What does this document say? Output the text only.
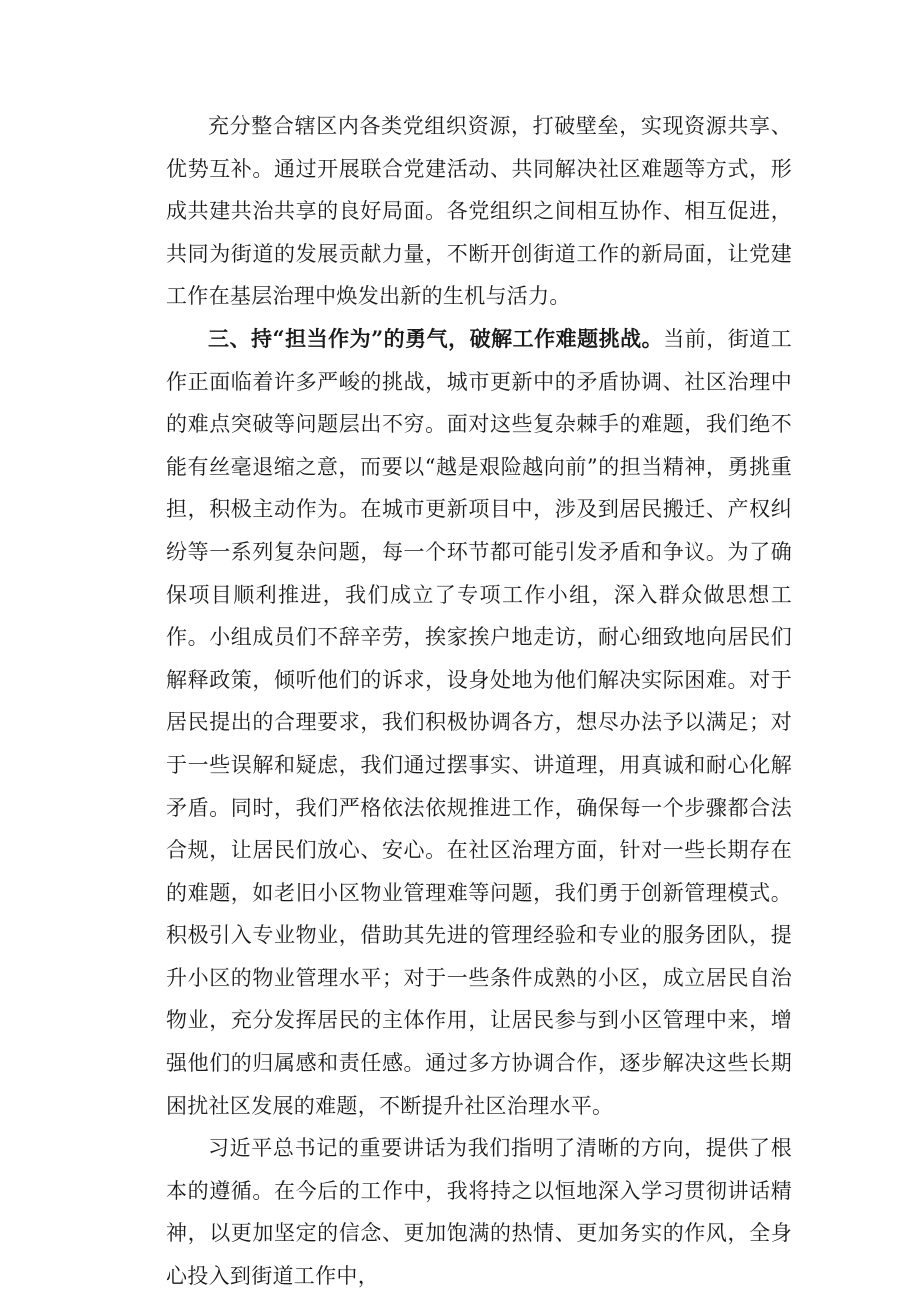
充分整合辖区内各类党组织资源，打破壁垒，实现资源共享、优势互补。通过开展联合党建活动、共同解决社区难题等方式，形成共建共治共享的良好局面。各党组织之间相互协作、相互促进，共同为街道的发展贡献力量，不断开创街道工作的新局面，让党建工作在基层治理中焕发出新的生机与活力。

三、持“担当作为”的勇气，破解工作难题挑战。当前，街道工作正面临着许多严峻的挑战，城市更新中的矛盾协调、社区治理中的难点突破等问题层出不穷。面对这些复杂棘手的难题，我们绝不能有丝毫退缩之意，而要以“越是艰险越向前”的担当精神，勇挑重担，积极主动作为。在城市更新项目中，涉及到居民搬迁、产权纠纷等一系列复杂问题，每一个环节都可能引发矛盾和争议。为了确保项目顺利推进，我们成立了专项工作小组，深入群众做思想工作。小组成员们不辞辛劳，挨家挨户地走访，耐心细致地向居民们解释政策，倾听他们的诉求，设身处地为他们解决实际困难。对于居民提出的合理要求，我们积极协调各方，想尽办法予以满足；对于一些误解和疑虑，我们通过摆事实、讲道理，用真诚和耐心化解矛盾。同时，我们严格依法依规推进工作，确保每一个步骤都合法合规，让居民们放心、安心。在社区治理方面，针对一些长期存在的难题，如老旧小区物业管理难等问题，我们勇于创新管理模式。积极引入专业物业，借助其先进的管理经验和专业的服务团队，提升小区的物业管理水平；对于一些条件成熟的小区，成立居民自治物业，充分发挥居民的主体作用，让居民参与到小区管理中来，增强他们的归属感和责任感。通过多方协调合作，逐步解决这些长期困扰社区发展的难题，不断提升社区治理水平。

习近平总书记的重要讲话为我们指明了清晰的方向，提供了根本的遵循。在今后的工作中，我将持之以恒地深入学习贯彻讲话精神，以更加坚定的信念、更加饱满的热情、更加务实的作风，全身心投入到街道工作中，
